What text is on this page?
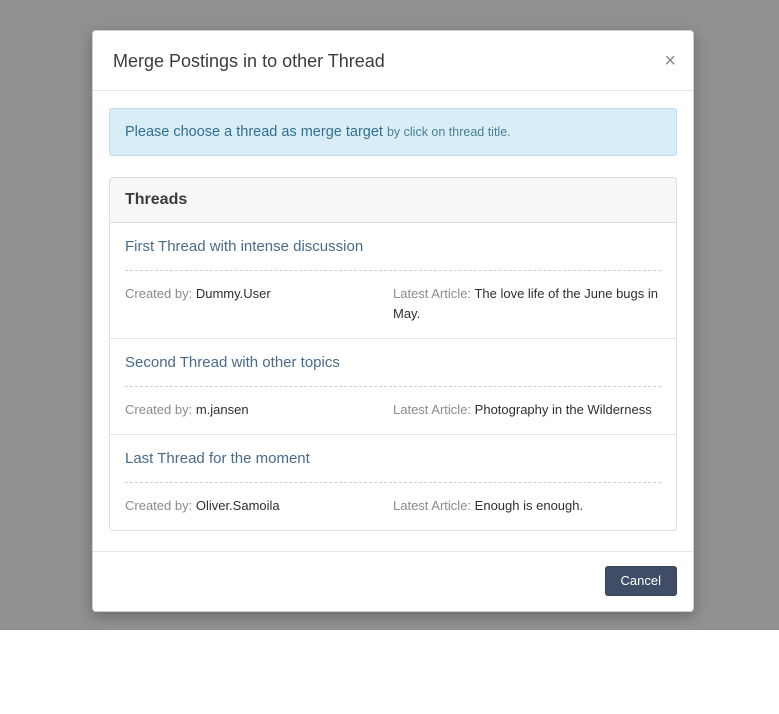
Merge Postings in to other Thread	×
Please choose a thread as merge target by click on thread title.
Threads
First Thread with intense discussion
Created by: Dummy.User	Latest Article: The love life of the June bugs in May.
Second Thread with other topics
Created by: m.jansen	Latest Article: Photography in the Wilderness
Last Thread for the moment
Created by: Oliver.Samoila	Latest Article: Enough is enough.
Cancel
